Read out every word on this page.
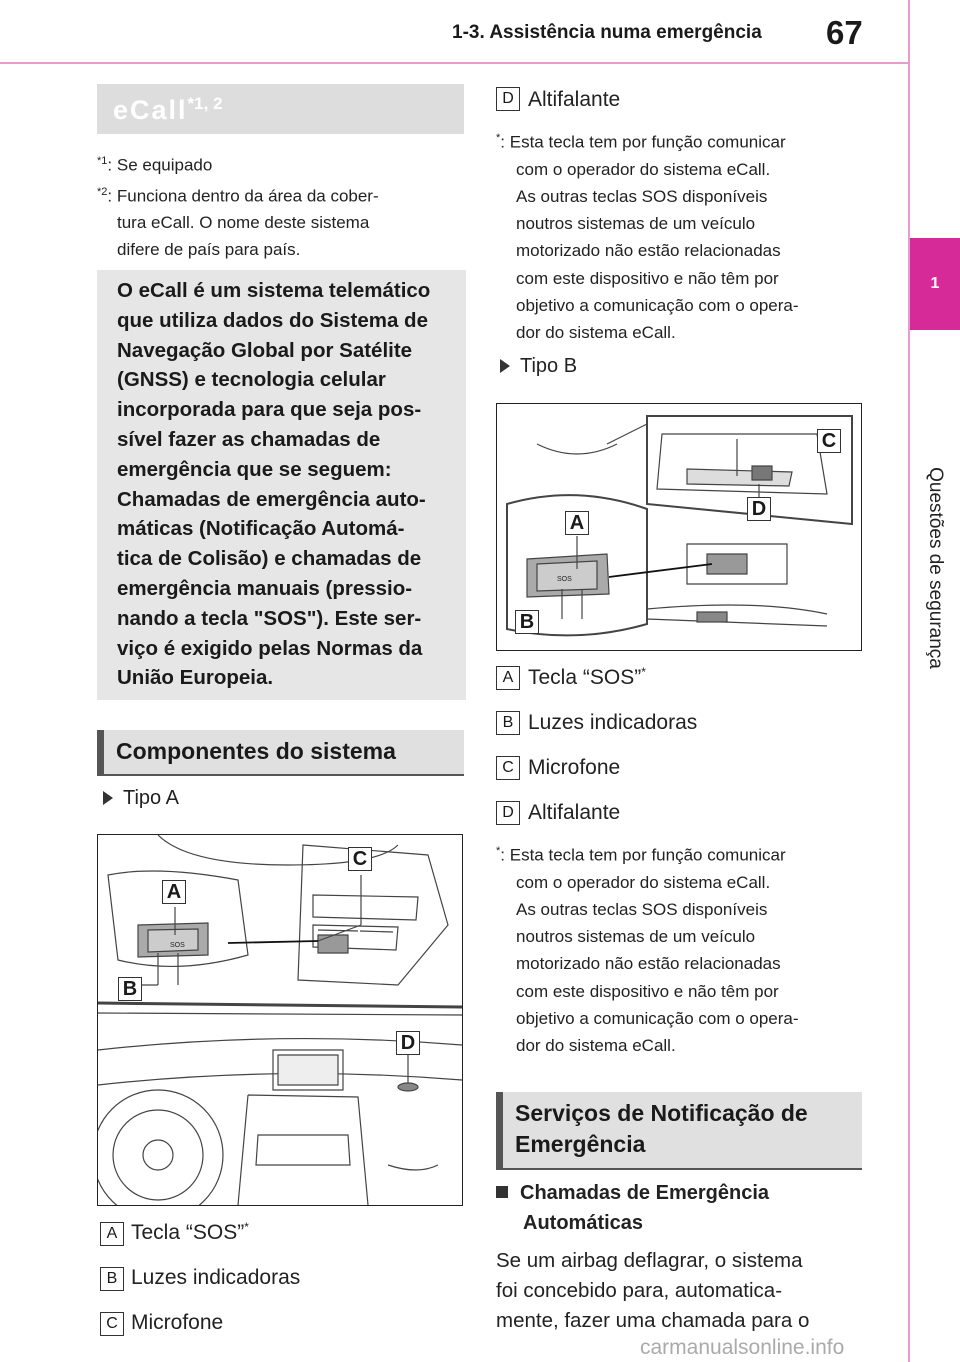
1-3. Assistência numa emergência 67
1
Questões de segurança
eCall$^{*1, 2}$
$^{*1}$: Se equipado
$^{*2}$: Funciona dentro da área da cober-
tura eCall. O nome deste sistema
difere de país para país.

O eCall é um sistema telemático
que utiliza dados do Sistema de
Navegação Global por Satélite
(GNSS) e tecnologia celular
incorporada para que seja pos-
sível fazer as chamadas de
emergência que se seguem:
Chamadas de emergência auto-
máticas (Notificação Automá-
tica de Colisão) e chamadas de
emergência manuais (pressio-
nando a tecla "SOS"). Este ser-
viço é exigido pelas Normas da
União Europeia.

Componentes do sistema
Tipo A
SOS
A
B
C
D
A Tecla “SOS”*
B Luzes indicadoras
C Microfone
D Altifalante
*: Esta tecla tem por função comunicar
com o operador do sistema eCall.
As outras teclas SOS disponíveis
noutros sistemas de um veículo
motorizado não estão relacionadas
com este dispositivo e não têm por
objetivo a comunicação com o opera-
dor do sistema eCall.
Tipo B
SOS
A
B
C
D
A Tecla “SOS”*
B Luzes indicadoras
C Microfone
D Altifalante
*: Esta tecla tem por função comunicar
com o operador do sistema eCall.
As outras teclas SOS disponíveis
noutros sistemas de um veículo
motorizado não estão relacionadas
com este dispositivo e não têm por
objetivo a comunicação com o opera-
dor do sistema eCall.
Serviços de Notificação de
Emergência
Chamadas de Emergência
Automáticas
Se um airbag deflagrar, o sistema
foi concebido para, automatica-
mente, fazer uma chamada para o
carmanualsonline.info
